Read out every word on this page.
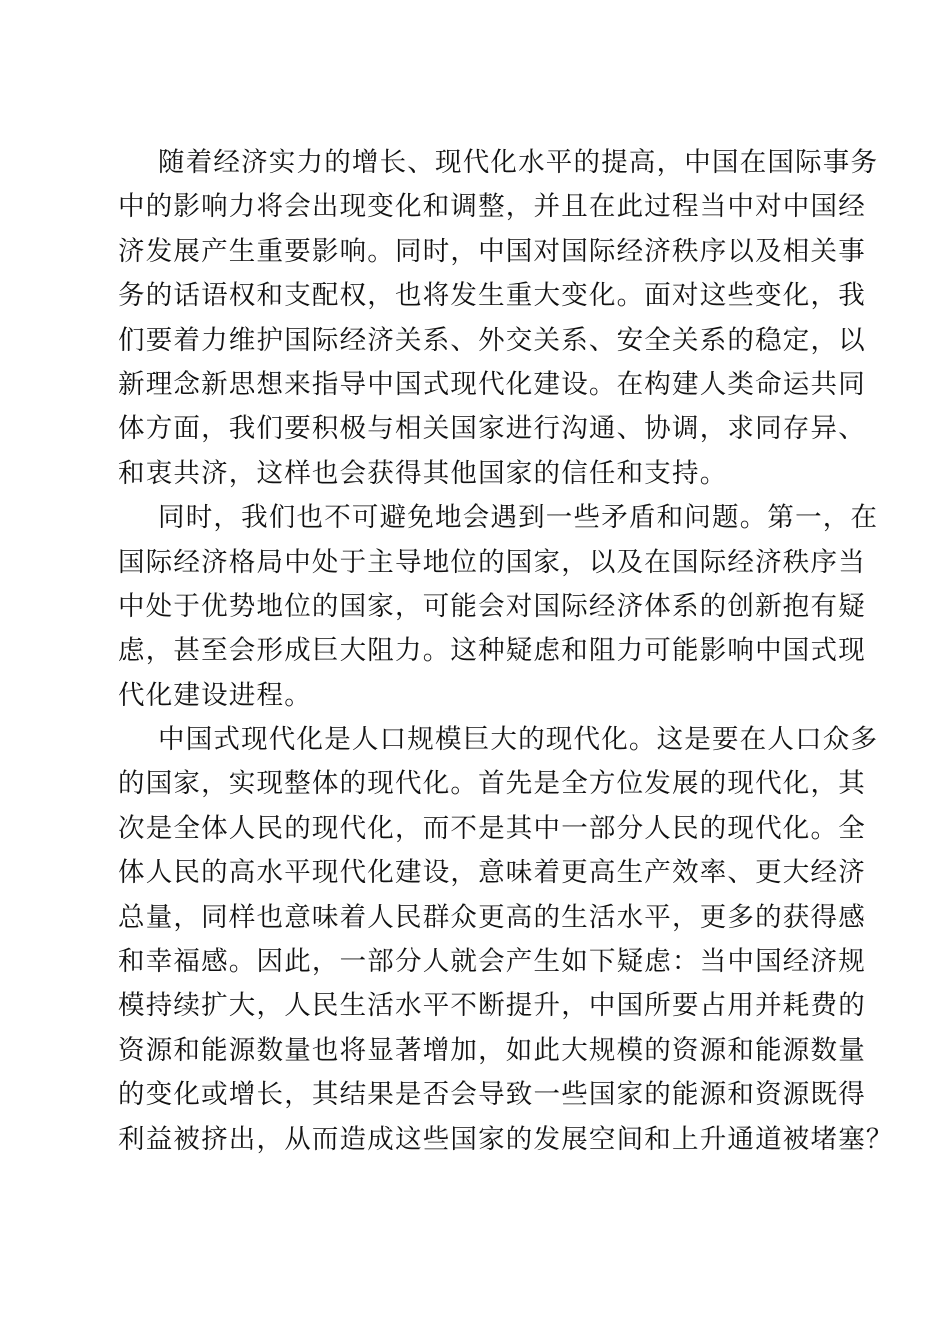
随着经济实力的增长、现代化水平的提高，中国在国际事务
中的影响力将会出现变化和调整，并且在此过程当中对中国经
济发展产生重要影响。同时，中国对国际经济秩序以及相关事
务的话语权和支配权，也将发生重大变化。面对这些变化，我
们要着力维护国际经济关系、外交关系、安全关系的稳定，以
新理念新思想来指导中国式现代化建设。在构建人类命运共同
体方面，我们要积极与相关国家进行沟通、协调，求同存异、
和衷共济，这样也会获得其他国家的信任和支持。
同时，我们也不可避免地会遇到一些矛盾和问题。第一，在
国际经济格局中处于主导地位的国家，以及在国际经济秩序当
中处于优势地位的国家，可能会对国际经济体系的创新抱有疑
虑，甚至会形成巨大阻力。这种疑虑和阻力可能影响中国式现
代化建设进程。
中国式现代化是人口规模巨大的现代化。这是要在人口众多
的国家，实现整体的现代化。首先是全方位发展的现代化，其
次是全体人民的现代化，而不是其中一部分人民的现代化。全
体人民的高水平现代化建设，意味着更高生产效率、更大经济
总量，同样也意味着人民群众更高的生活水平，更多的获得感
和幸福感。因此，一部分人就会产生如下疑虑：当中国经济规
模持续扩大，人民生活水平不断提升，中国所要占用并耗费的
资源和能源数量也将显著增加，如此大规模的资源和能源数量
的变化或增长，其结果是否会导致一些国家的能源和资源既得
利益被挤出，从而造成这些国家的发展空间和上升通道被堵塞？
